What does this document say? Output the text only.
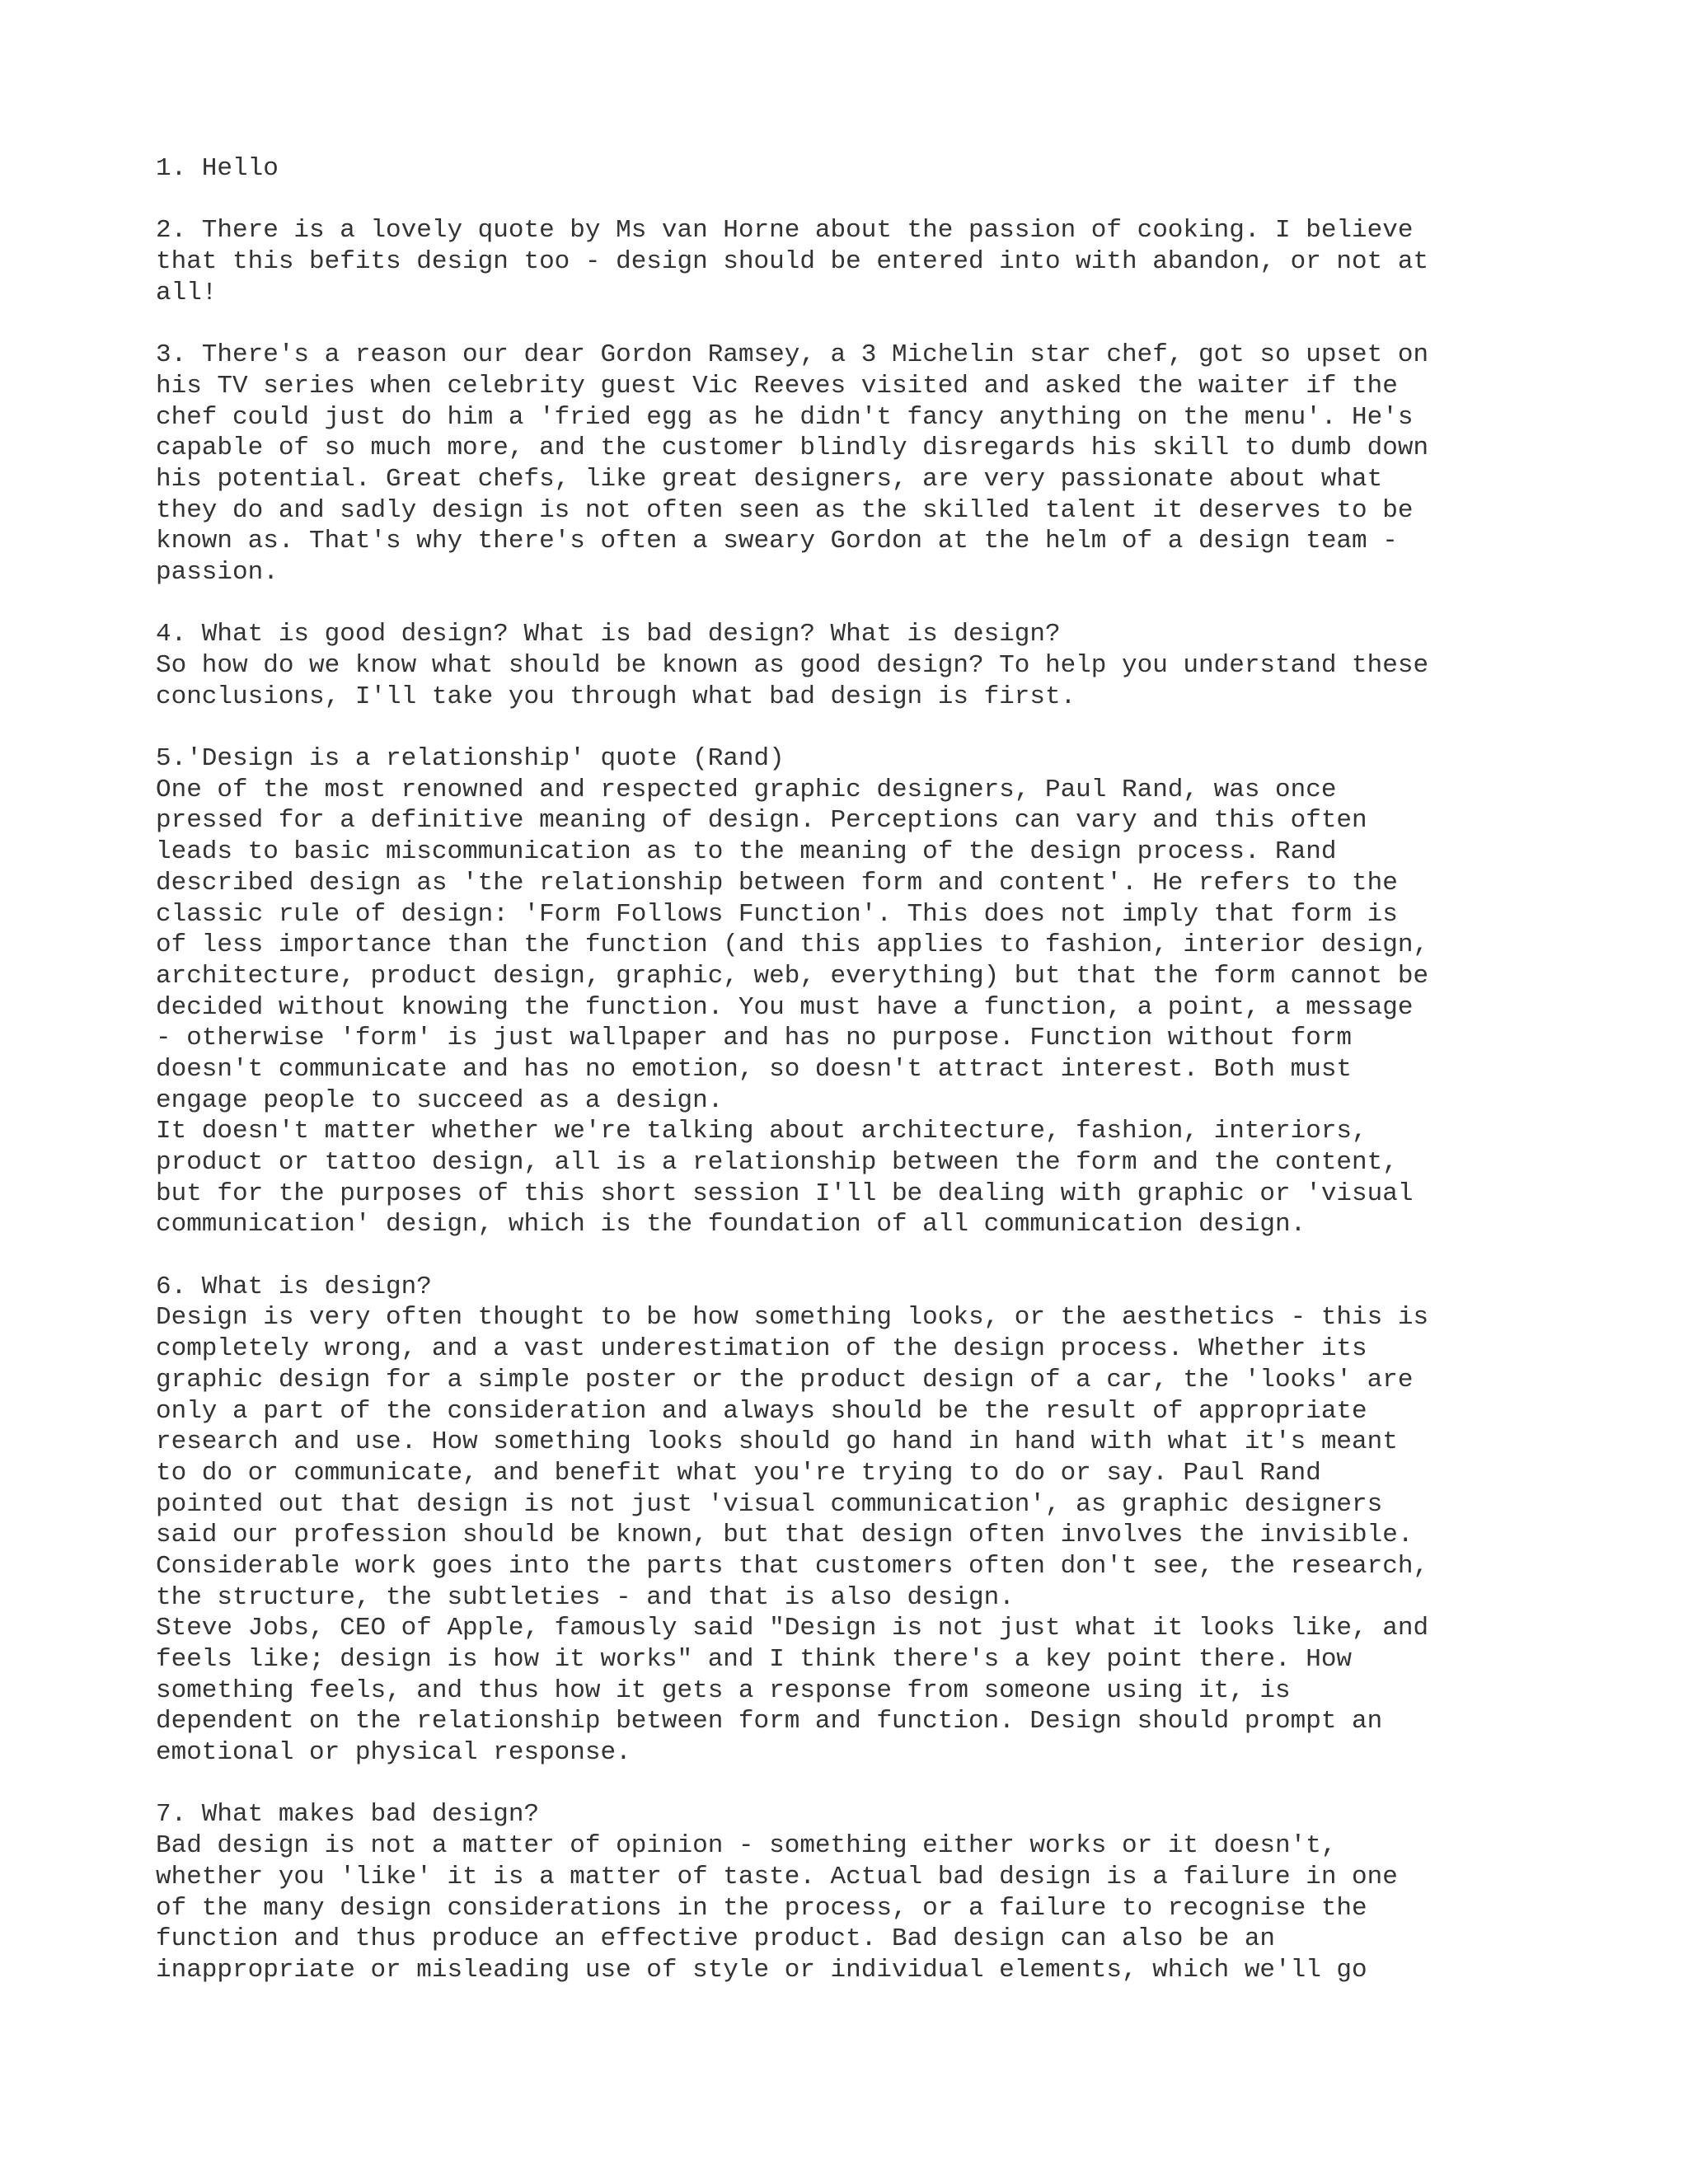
1. Hello
2. There is a lovely quote by Ms van Horne about the passion of cooking. I believe
that this befits design too - design should be entered into with abandon, or not at
all!
3. There's a reason our dear Gordon Ramsey, a 3 Michelin star chef, got so upset on
his TV series when celebrity guest Vic Reeves visited and asked the waiter if the
chef could just do him a 'fried egg as he didn't fancy anything on the menu'. He's
capable of so much more, and the customer blindly disregards his skill to dumb down
his potential. Great chefs, like great designers, are very passionate about what
they do and sadly design is not often seen as the skilled talent it deserves to be
known as. That's why there's often a sweary Gordon at the helm of a design team -
passion.
4. What is good design? What is bad design? What is design?
So how do we know what should be known as good design? To help you understand these
conclusions, I'll take you through what bad design is first.
5.'Design is a relationship' quote (Rand)
One of the most renowned and respected graphic designers, Paul Rand, was once
pressed for a definitive meaning of design. Perceptions can vary and this often
leads to basic miscommunication as to the meaning of the design process. Rand
described design as 'the relationship between form and content'. He refers to the
classic rule of design: 'Form Follows Function'. This does not imply that form is
of less importance than the function (and this applies to fashion, interior design,
architecture, product design, graphic, web, everything) but that the form cannot be
decided without knowing the function. You must have a function, a point, a message
- otherwise 'form' is just wallpaper and has no purpose. Function without form
doesn't communicate and has no emotion, so doesn't attract interest. Both must
engage people to succeed as a design.
It doesn't matter whether we're talking about architecture, fashion, interiors,
product or tattoo design, all is a relationship between the form and the content,
but for the purposes of this short session I'll be dealing with graphic or 'visual
communication' design, which is the foundation of all communication design.
6. What is design?
Design is very often thought to be how something looks, or the aesthetics - this is
completely wrong, and a vast underestimation of the design process. Whether its
graphic design for a simple poster or the product design of a car, the 'looks' are
only a part of the consideration and always should be the result of appropriate
research and use. How something looks should go hand in hand with what it's meant
to do or communicate, and benefit what you're trying to do or say. Paul Rand
pointed out that design is not just 'visual communication', as graphic designers
said our profession should be known, but that design often involves the invisible.
Considerable work goes into the parts that customers often don't see, the research,
the structure, the subtleties - and that is also design.
Steve Jobs, CEO of Apple, famously said "Design is not just what it looks like, and
feels like; design is how it works" and I think there's a key point there. How
something feels, and thus how it gets a response from someone using it, is
dependent on the relationship between form and function. Design should prompt an
emotional or physical response.
7. What makes bad design?
Bad design is not a matter of opinion - something either works or it doesn't,
whether you 'like' it is a matter of taste. Actual bad design is a failure in one
of the many design considerations in the process, or a failure to recognise the
function and thus produce an effective product. Bad design can also be an
inappropriate or misleading use of style or individual elements, which we'll go
